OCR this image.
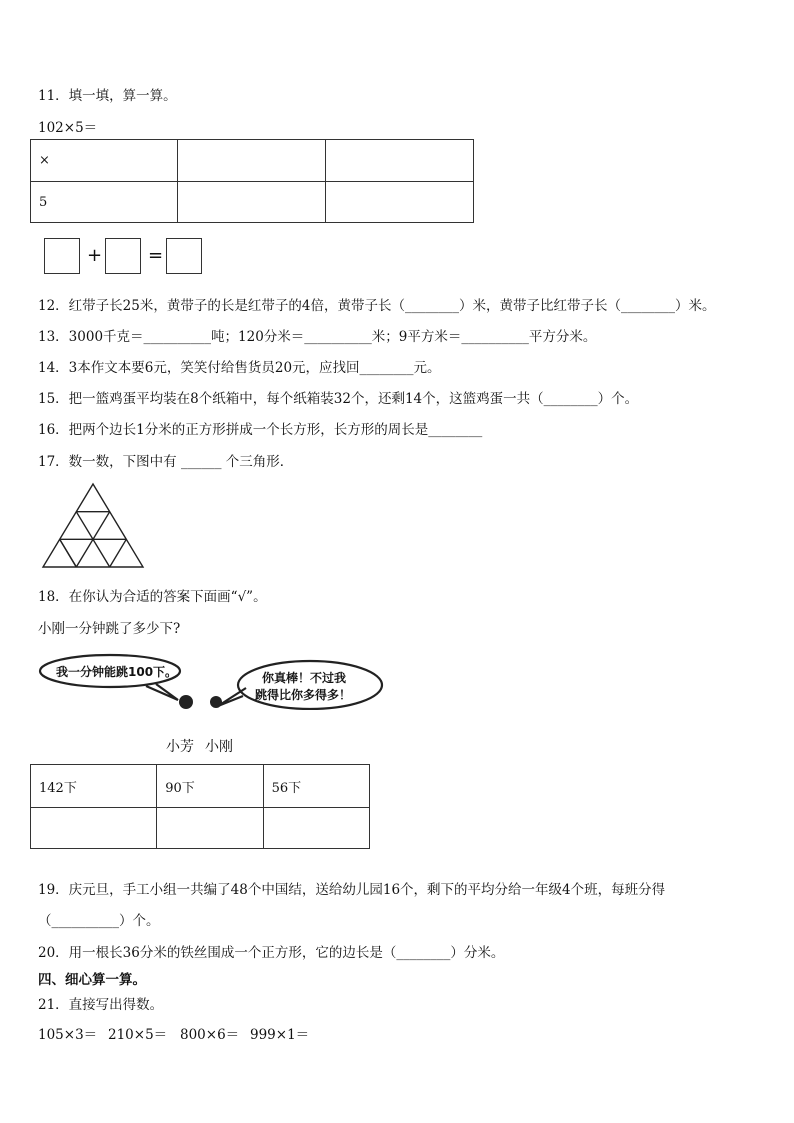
11．填一填，算一算。
102×5＝
×		
5		
+	=
12．红带子长25米，黄带子的长是红带子的4倍，黄带子长（________）米，黄带子比红带子长（________）米。
13．3000千克＝__________吨；120分米＝__________米；9平方米＝__________平方分米。
14．3本作文本要6元，笑笑付给售货员20元，应找回________元。
15．把一篮鸡蛋平均装在8个纸箱中，每个纸箱装32个，还剩14个，这篮鸡蛋一共（________）个。
16．把两个边长1分米的正方形拼成一个长方形，长方形的周长是________
17．数一数，下图中有 ______ 个三角形．
18．在你认为合适的答案下面画“√”。
小刚一分钟跳了多少下?
我一分钟能跳100下。	你真棒！不过我
跳得比你多得多！
小芳 小刚
142下	90下	56下

19．庆元旦，手工小组一共编了48个中国结，送给幼儿园16个，剩下的平均分给一年级4个班，每班分得
（__________）个。
20．用一根长36分米的铁丝围成一个正方形，它的边长是（________）分米。
四、细心算一算。
21．直接写出得数。
105×3＝ 210×5＝ 800×6＝ 999×1＝
